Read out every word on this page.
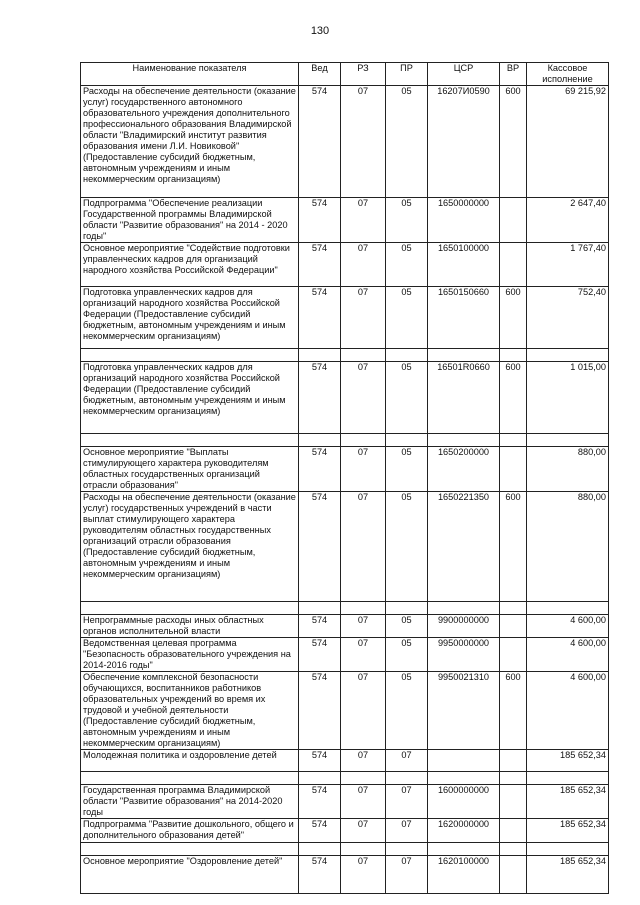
130
Наименование показателя	Вед	РЗ	ПР	ЦСР	ВР	Кассовое исполнение
Расходы на обеспечение деятельности (оказание услуг) государственного автономного образовательного учреждения дополнительного профессионального образования Владимирской области "Владимирский институт развития образования имени Л.И. Новиковой" (Предоставление субсидий бюджетным, автономным учреждениям и иным некоммерческим организациям)	574	07	05	16207И0590	600	69 215,92
Подпрограмма "Обеспечение реализации Государственной программы Владимирской области "Развитие образования" на 2014 - 2020 годы"	574	07	05	1650000000		2 647,40
Основное мероприятие "Содействие подготовки управленческих кадров для организаций народного хозяйства Российской Федерации"	574	07	05	1650100000		1 767,40
Подготовка управленческих кадров для организаций народного хозяйства Российской Федерации (Предоставление субсидий бюджетным, автономным учреждениям и иным некоммерческим организациям)	574	07	05	1650150660	600	752,40

Подготовка управленческих кадров для организаций народного хозяйства Российской Федерации (Предоставление субсидий бюджетным, автономным учреждениям и иным некоммерческим организациям)	574	07	05	16501R0660	600	1 015,00

Основное мероприятие "Выплаты стимулирующего характера руководителям областных государственных организаций отрасли образования"	574	07	05	1650200000		880,00
Расходы на обеспечение деятельности (оказание услуг) государственных учреждений в части выплат стимулирующего характера руководителям областных государственных организаций отрасли образования (Предоставление субсидий бюджетным, автономным учреждениям и иным некоммерческим организациям)	574	07	05	1650221350	600	880,00

Непрограммные расходы иных областных органов исполнительной власти	574	07	05	9900000000		4 600,00
Ведомственная целевая программа "Безопасность образовательного учреждения на 2014-2016 годы"	574	07	05	9950000000		4 600,00
Обеспечение комплексной безопасности обучающихся, воспитанников работников образовательных учреждений во время их трудовой и учебной деятельности (Предоставление субсидий бюджетным, автономным учреждениям и иным некоммерческим организациям)	574	07	05	9950021310	600	4 600,00
Молодежная политика и оздоровление детей	574	07	07			185 652,34

Государственная программа Владимирской области "Развитие образования" на 2014-2020 годы	574	07	07	1600000000		185 652,34
Подпрограмма "Развитие дошкольного, общего и дополнительного образования детей"	574	07	07	1620000000		185 652,34

Основное мероприятие "Оздоровление детей"	574	07	07	1620100000		185 652,34
